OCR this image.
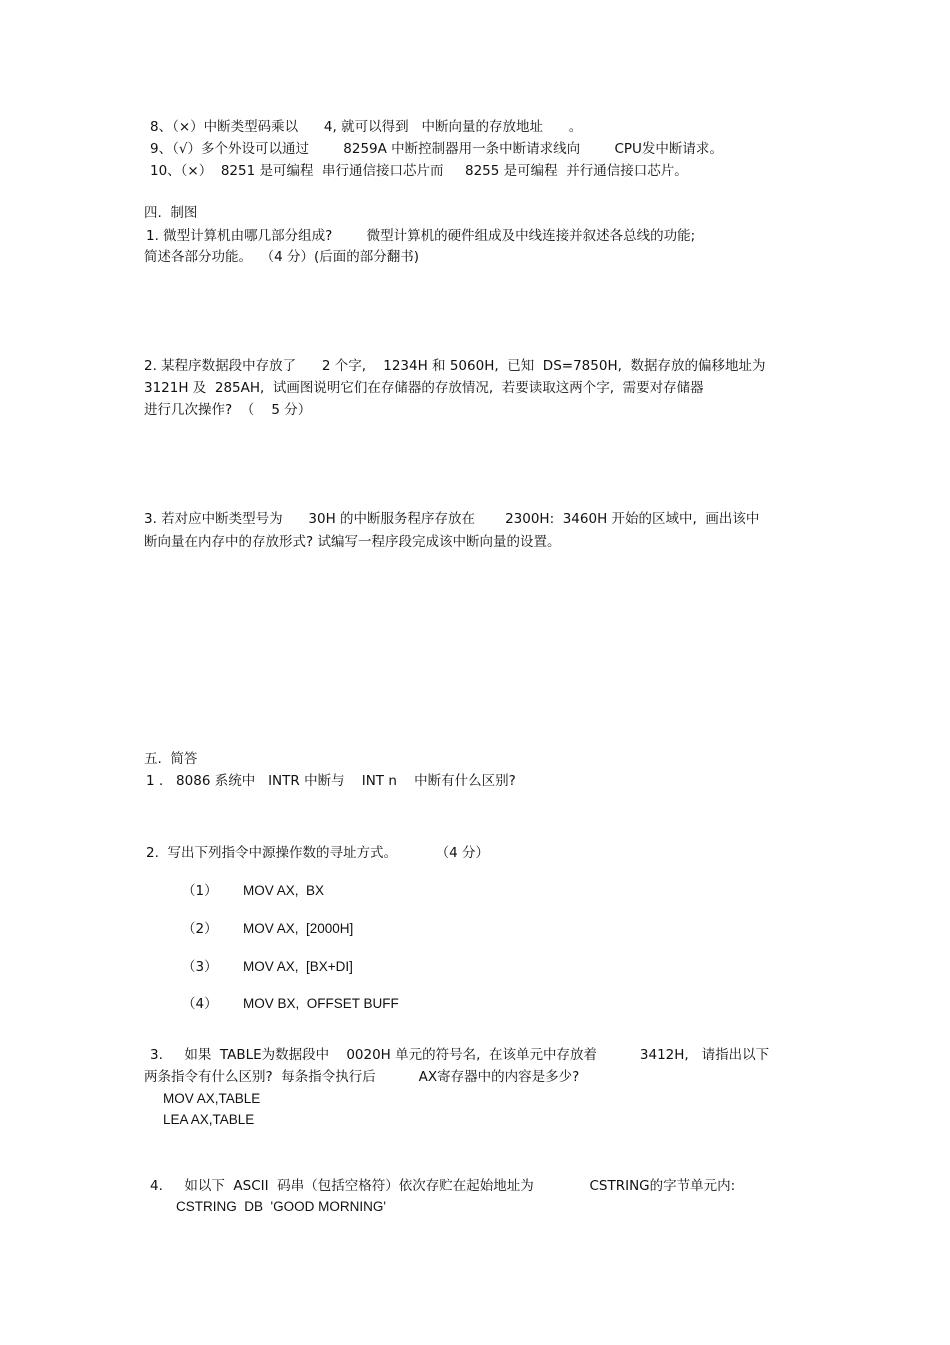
8、（×）中断类型码乘以      4, 就可以得到   中断向量的存放地址      。
9、（√）多个外设可以通过        8259A 中断控制器用一条中断请求线向        CPU发中断请求。
10、（×）  8251 是可编程  串行通信接口芯片而     8255 是可编程  并行通信接口芯片。
四.  制图
1. 微型计算机由哪几部分组成?        微型计算机的硬件组成及中线连接并叙述各总线的功能;
简述各部分功能。  （4 分）(后面的部分翻书)
2. 某程序数据段中存放了      2 个字,    1234H 和 5060H,  已知  DS=7850H,  数据存放的偏移地址为
3121H 及  285AH,  试画图说明它们在存储器的存放情况,  若要读取这两个字,  需要对存储器
进行几次操作?  （    5 分）
3. 若对应中断类型号为      30H 的中断服务程序存放在       2300H:  3460H 开始的区域中,  画出该中
断向量在内存中的存放形式? 试编写一程序段完成该中断向量的设置。
五.  简答
1 .   8086 系统中   INTR 中断与    INT n    中断有什么区别?
2.  写出下列指令中源操作数的寻址方式。         （4 分）
（1） MOV AX,  BX
（2） MOV AX,  [2000H]
（3） MOV AX,  [BX+DI]
（4） MOV BX,  OFFSET BUFF
3.     如果  TABLE为数据段中    0020H 单元的符号名,  在该单元中存放着          3412H,   请指出以下
两条指令有什么区别?  每条指令执行后          AX寄存器中的内容是多少?
MOV AX,TABLE
LEA AX,TABLE
4.     如以下  ASCII  码串（包括空格符）依次存贮在起始地址为             CSTRING的字节单元内:
CSTRING  DB  'GOOD MORNING'
